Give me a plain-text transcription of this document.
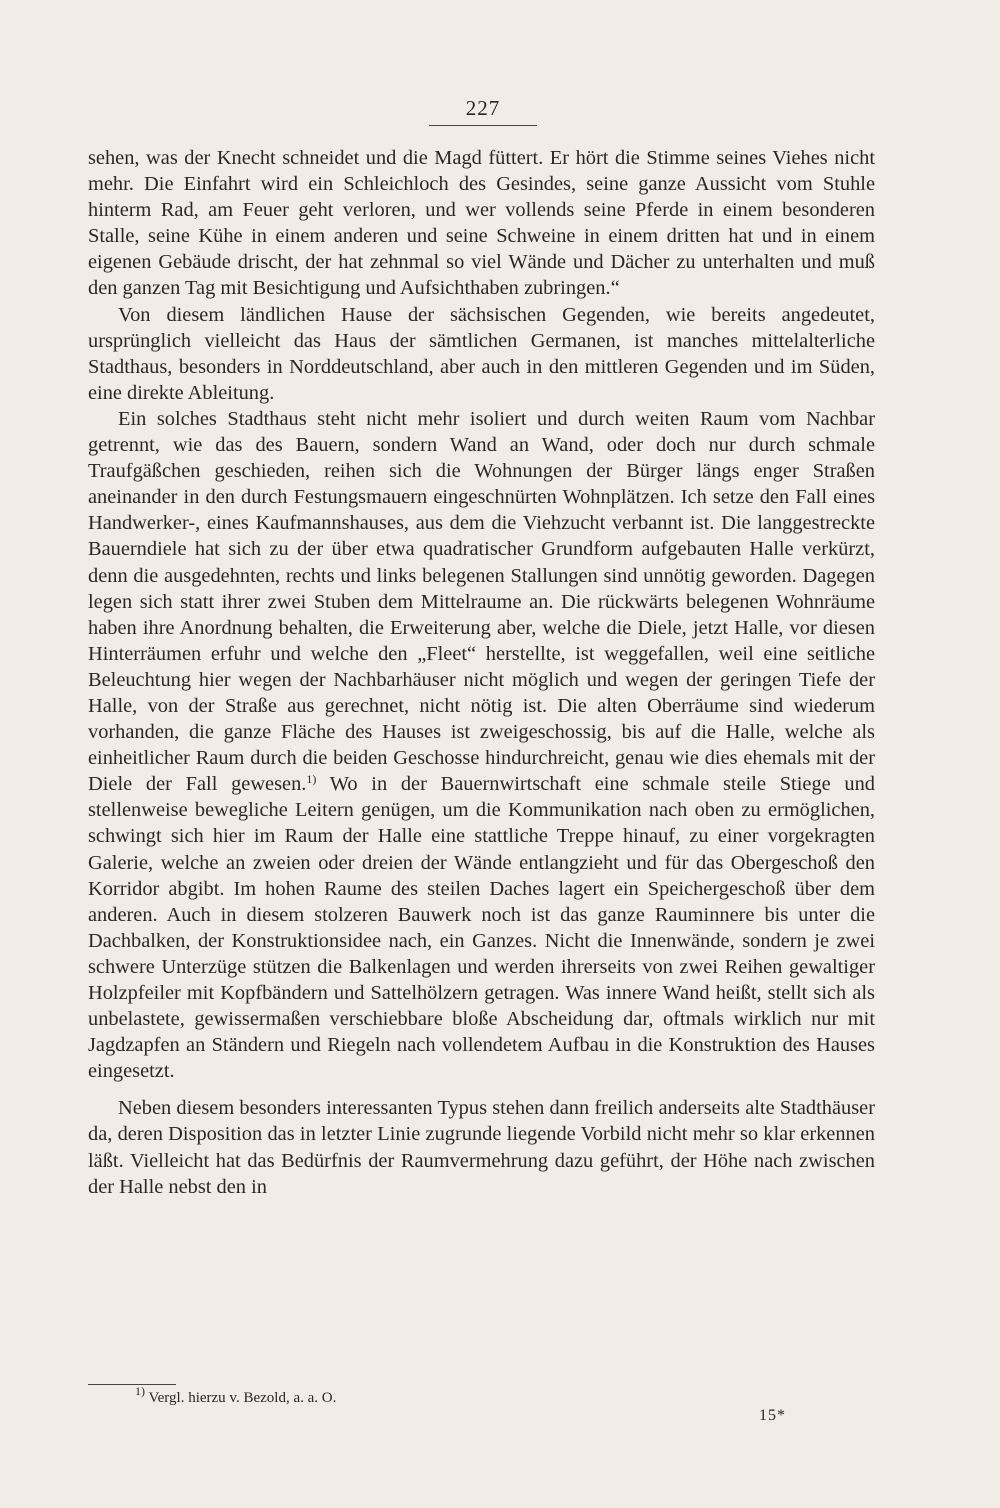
227

sehen, was der Knecht schneidet und die Magd füttert. Er hört die Stimme seines Viehes nicht mehr. Die Einfahrt wird ein Schleichloch des Gesindes, seine ganze Aussicht vom Stuhle hinterm Rad, am Feuer geht verloren, und wer vollends seine Pferde in einem besonderen Stalle, seine Kühe in einem anderen und seine Schweine in einem dritten hat und in einem eigenen Gebäude drischt, der hat zehnmal so viel Wände und Dächer zu unterhalten und muß den ganzen Tag mit Besichtigung und Aufsichthaben zubringen.“

Von diesem ländlichen Hause der sächsischen Gegenden, wie bereits angedeutet, ursprünglich vielleicht das Haus der sämtlichen Germanen, ist manches mittelalterliche Stadthaus, besonders in Norddeutschland, aber auch in den mittleren Gegenden und im Süden, eine direkte Ableitung.

Ein solches Stadthaus steht nicht mehr isoliert und durch weiten Raum vom Nachbar getrennt, wie das des Bauern, sondern Wand an Wand, oder doch nur durch schmale Traufgäßchen geschieden, reihen sich die Wohnungen der Bürger längs enger Straßen aneinander in den durch Festungsmauern eingeschnürten Wohnplätzen. Ich setze den Fall eines Handwerker-, eines Kaufmannshauses, aus dem die Viehzucht verbannt ist. Die langgestreckte Bauerndiele hat sich zu der über etwa quadratischer Grundform aufgebauten Halle verkürzt, denn die ausgedehnten, rechts und links belegenen Stallungen sind unnötig geworden. Dagegen legen sich statt ihrer zwei Stuben dem Mittelraume an. Die rückwärts belegenen Wohnräume haben ihre Anordnung behalten, die Erweiterung aber, welche die Diele, jetzt Halle, vor diesen Hinterräumen erfuhr und welche den „Fleet“ herstellte, ist weggefallen, weil eine seitliche Beleuchtung hier wegen der Nachbarhäuser nicht möglich und wegen der geringen Tiefe der Halle, von der Straße aus gerechnet, nicht nötig ist. Die alten Oberräume sind wiederum vorhanden, die ganze Fläche des Hauses ist zweigeschossig, bis auf die Halle, welche als einheitlicher Raum durch die beiden Geschosse hindurchreicht, genau wie dies ehemals mit der Diele der Fall gewesen.$^{1)}$ Wo in der Bauernwirtschaft eine schmale steile Stiege und stellenweise bewegliche Leitern genügen, um die Kommunikation nach oben zu ermöglichen, schwingt sich hier im Raum der Halle eine stattliche Treppe hinauf, zu einer vorgekragten Galerie, welche an zweien oder dreien der Wände entlangzieht und für das Obergeschoß den Korridor abgibt. Im hohen Raume des steilen Daches lagert ein Speichergeschoß über dem anderen. Auch in diesem stolzeren Bauwerk noch ist das ganze Rauminnere bis unter die Dachbalken, der Konstruktionsidee nach, ein Ganzes. Nicht die Innenwände, sondern je zwei schwere Unterzüge stützen die Balkenlagen und werden ihrerseits von zwei Reihen gewaltiger Holzpfeiler mit Kopfbändern und Sattelhölzern getragen. Was innere Wand heißt, stellt sich als unbelastete, gewissermaßen verschiebbare bloße Abscheidung dar, oftmals wirklich nur mit Jagdzapfen an Ständern und Riegeln nach vollendetem Aufbau in die Konstruktion des Hauses eingesetzt.

Neben diesem besonders interessanten Typus stehen dann freilich anderseits alte Stadthäuser da, deren Disposition das in letzter Linie zugrunde liegende Vorbild nicht mehr so klar erkennen läßt. Vielleicht hat das Bedürfnis der Raumvermehrung dazu geführt, der Höhe nach zwischen der Halle nebst den in

$^{1)}$ Vergl. hierzu v. Bezold, a. a. O.
15*
